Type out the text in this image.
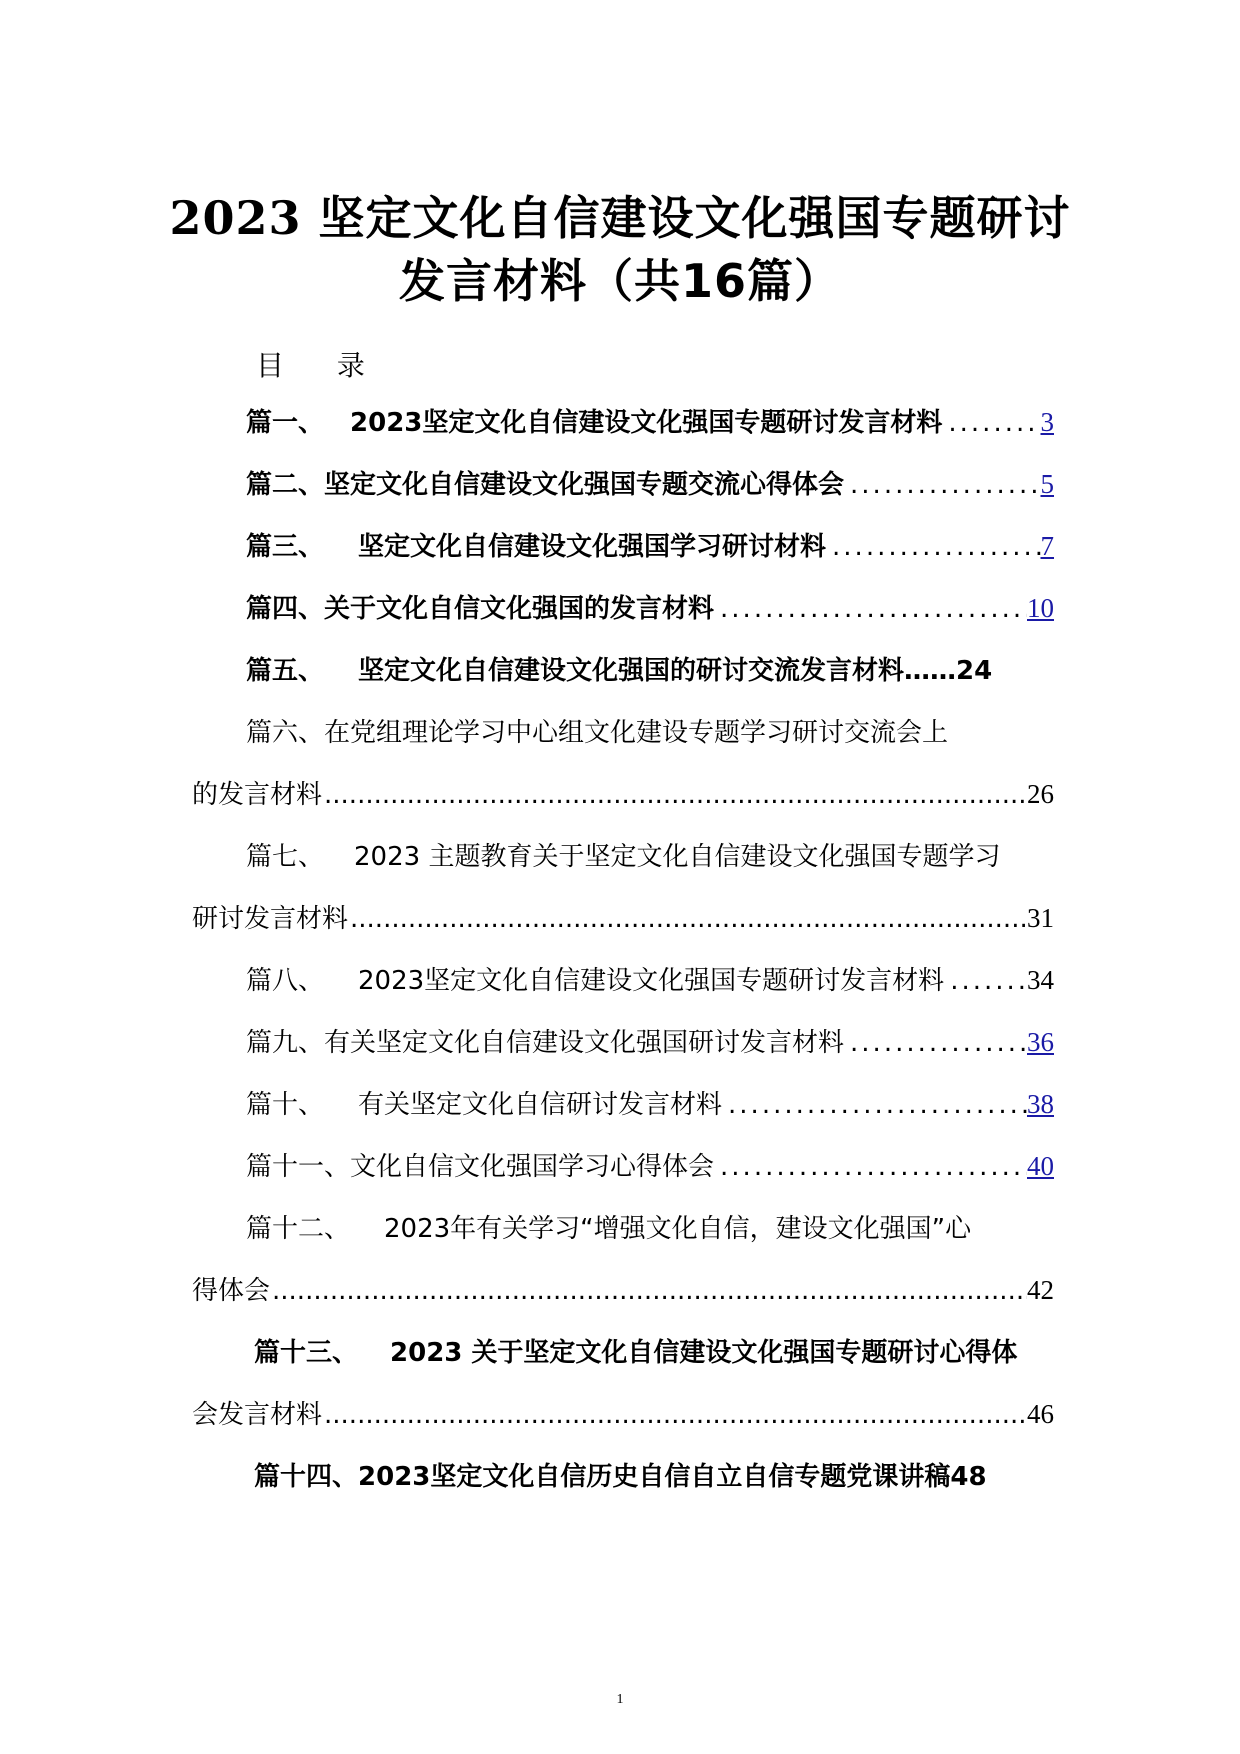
2023 坚定文化自信建设文化强国专题研讨
发言材料（共16篇）
目 录
篇一、 2023坚定文化自信建设文化强国专题研讨发言材料 .....	3
篇二、 坚定文化自信建设文化强国专题交流心得体会 .....	5
篇三、 坚定文化自信建设文化强国学习研讨材料 .....	7
篇四、 关于文化自信文化强国的发言材料 .....	10
篇五、 坚定文化自信建设文化强国的研讨交流发言材料……24
篇六、在党组理论学习中心组文化建设专题学习研讨交流会上
的发言材料 .....	26
篇七、 2023 主题教育关于坚定文化自信建设文化强国专题学习
研讨发言材料 .....	31
篇八、 2023坚定文化自信建设文化强国专题研讨发言材料 .....	34
篇九、 有关坚定文化自信建设文化强国研讨发言材料 .....	36
篇十、 有关坚定文化自信研讨发言材料 .....	38
篇十一、 文化自信文化强国学习心得体会 .....	40
篇十二、 2023年有关学习“增强文化自信，建设文化强国”心
得体会 .....	42
篇十三、 2023 关于坚定文化自信建设文化强国专题研讨心得体
会发言材料 .....	46
篇十四、2023坚定文化自信历史自信自立自信专题党课讲稿48
1
